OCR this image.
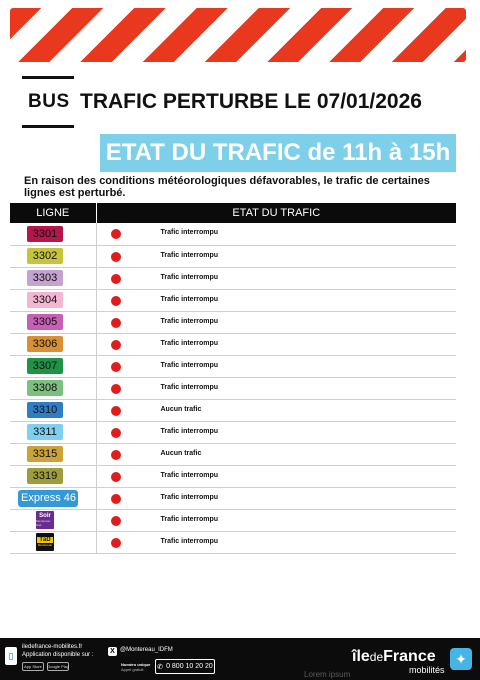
BUS TRAFIC PERTURBE LE 07/01/2026
ETAT DU TRAFIC de 11h à 15h
En raison des conditions météorologiques défavorables, le trafic de certaines lignes est perturbé.
LIGNE	ETAT DU TRAFIC

3301	Trafic interrompu

3302	Trafic interrompu

3303	Trafic interrompu

3304	Trafic interrompu

3305	Trafic interrompu

3306	Trafic interrompu

3307	Trafic interrompu

3308	Trafic interrompu

3310	Aucun trafic

3311	Trafic interrompu

3315	Aucun trafic

3319	Trafic interrompu

Express 46	Trafic interrompu

Soir
Montereau Sud	Trafic interrompu

TàD
Montereau	Trafic interrompu
▯
iledefrance-mobilites.fr
Application disponible sur :
App Store	Google Play
X @Montereau_IDFM
Numéro unique
Appel gratuit	✆ 0 800 10 20 20
îledeFrance
mobilités
✦
Lorem ipsum
